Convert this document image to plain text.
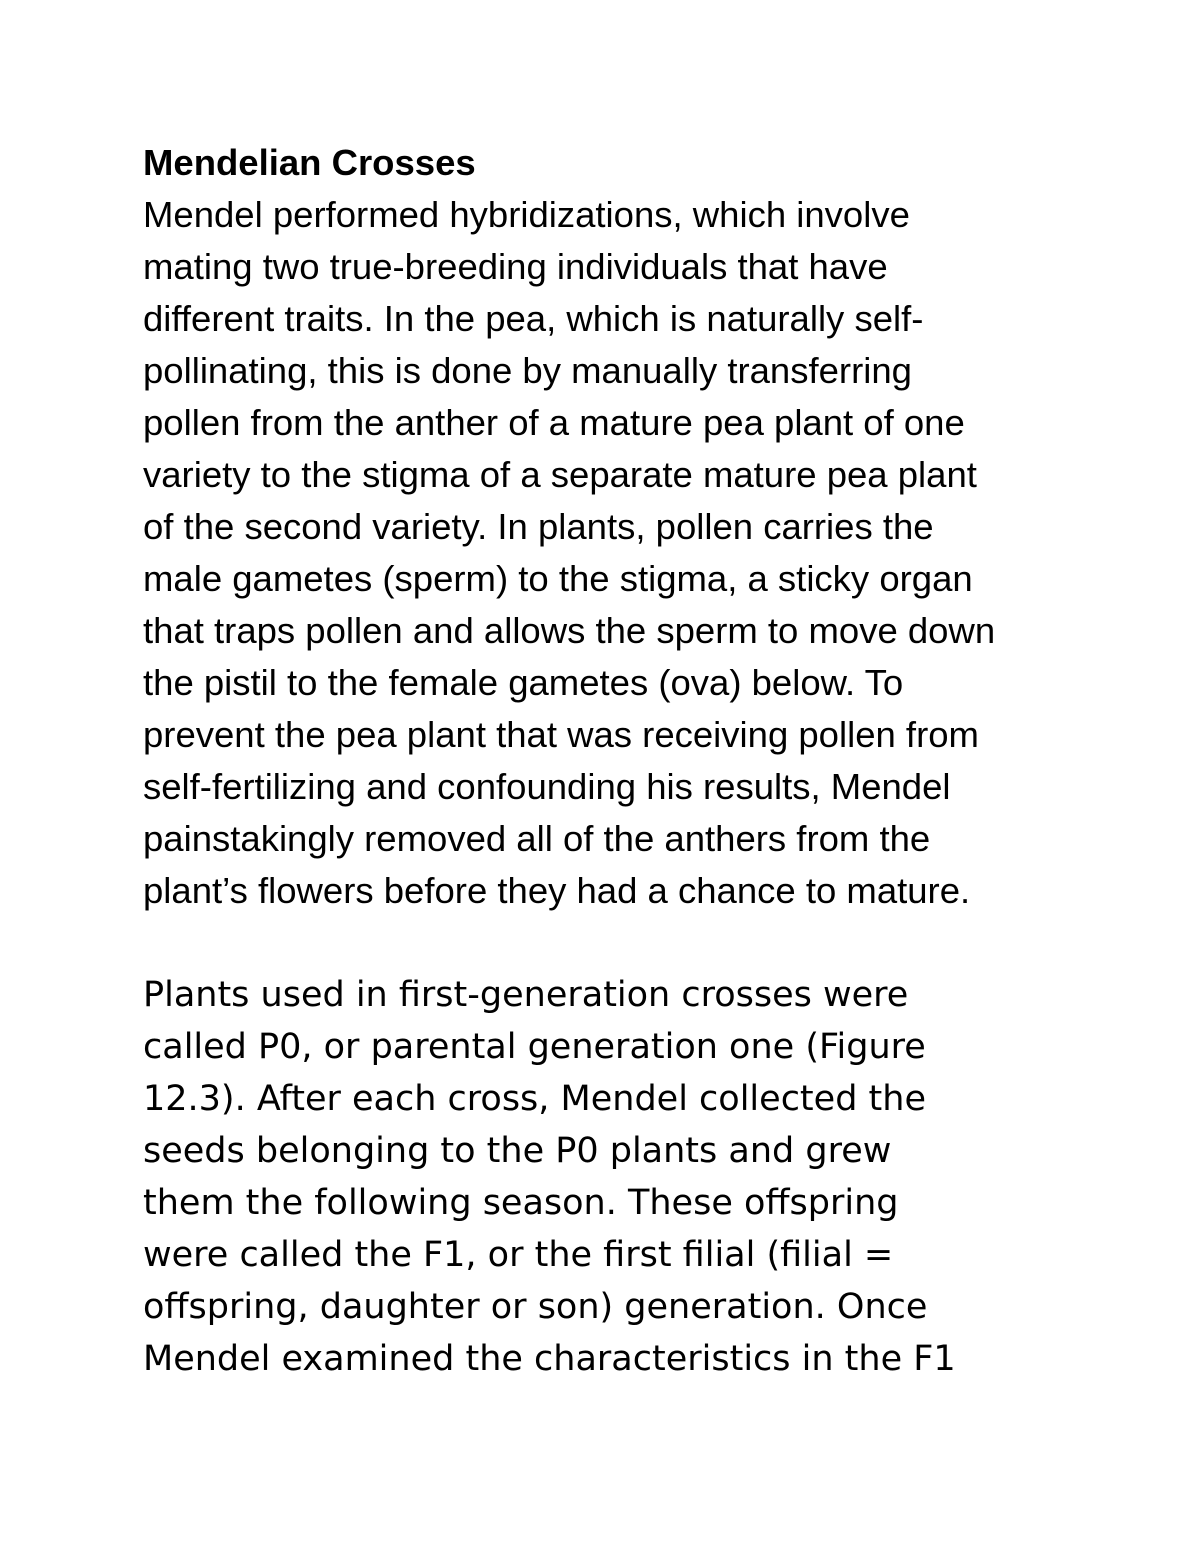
Mendelian Crosses
Mendel performed hybridizations, which involve
mating two true-breeding individuals that have
different traits. In the pea, which is naturally self-
pollinating, this is done by manually transferring
pollen from the anther of a mature pea plant of one
variety to the stigma of a separate mature pea plant
of the second variety. In plants, pollen carries the
male gametes (sperm) to the stigma, a sticky organ
that traps pollen and allows the sperm to move down
the pistil to the female gametes (ova) below. To
prevent the pea plant that was receiving pollen from
self-fertilizing and confounding his results, Mendel
painstakingly removed all of the anthers from the
plant’s flowers before they had a chance to mature.
Plants used in first-generation crosses were
called P0, or parental generation one (Figure
12.3). After each cross, Mendel collected the
seeds belonging to the P0 plants and grew
them the following season. These offspring
were called the F1, or the first filial (filial =
offspring, daughter or son) generation. Once
Mendel examined the characteristics in the F1
